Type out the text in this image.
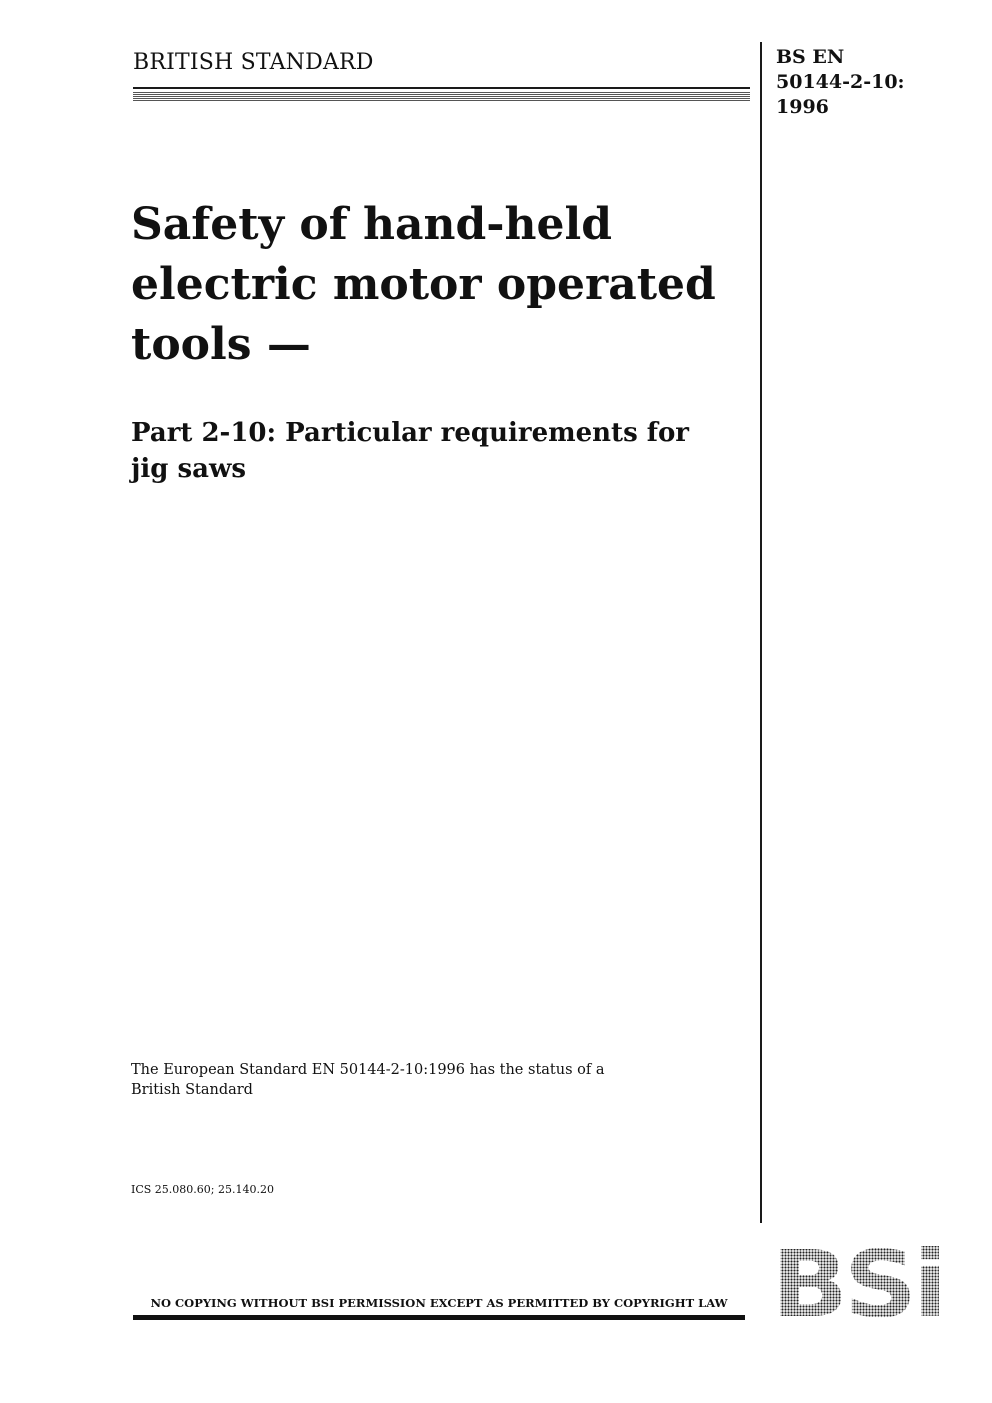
BRITISH STANDARD	BS EN
50144-2-10:
1996
Safety of hand-held
electric motor operated
tools —
Part 2-10: Particular requirements for
jig saws
The European Standard EN 50144-2-10:1996 has the status of a
British Standard
ICS 25.080.60; 25.140.20
NO COPYING WITHOUT BSI PERMISSION EXCEPT AS PERMITTED BY COPYRIGHT LAW
